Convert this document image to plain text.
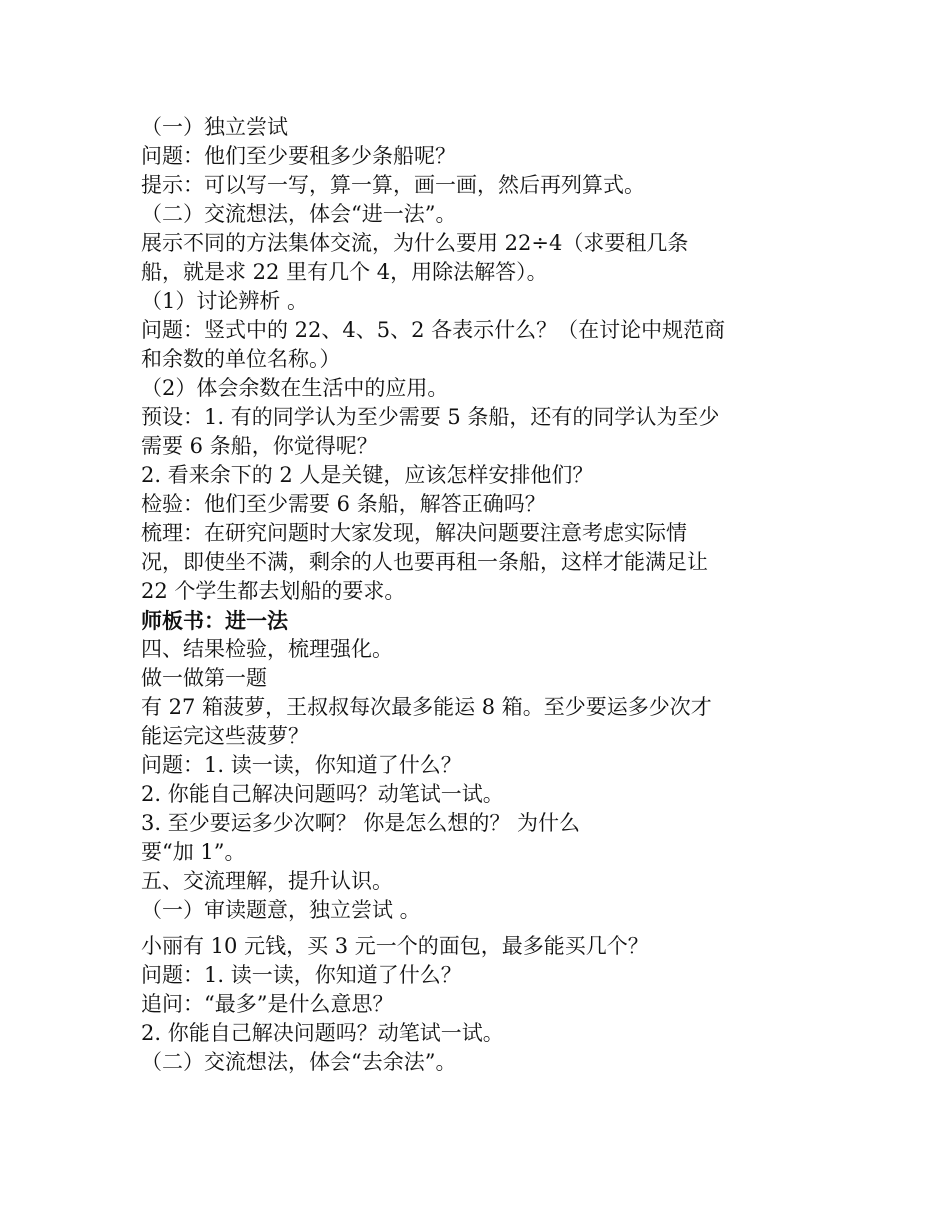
（一）独立尝试
问题：他们至少要租多少条船呢？
提示：可以写一写，算一算，画一画，然后再列算式。
（二）交流想法，体会“进一法”。
展示不同的方法集体交流，为什么要用 22÷4（求要租几条
船，就是求 22 里有几个 4，用除法解答）。
（1）讨论辨析 。
问题：竖式中的 22、4、5、2 各表示什么？（在讨论中规范商
和余数的单位名称。）
（2）体会余数在生活中的应用。
预设：1. 有的同学认为至少需要 5 条船，还有的同学认为至少
需要 6 条船，你觉得呢？
2. 看来余下的 2 人是关键，应该怎样安排他们？
检验：他们至少需要 6 条船，解答正确吗？
梳理：在研究问题时大家发现，解决问题要注意考虑实际情
况，即使坐不满，剩余的人也要再租一条船，这样才能满足让
22 个学生都去划船的要求。
师板书：进一法
四、结果检验，梳理强化。
做一做第一题
有 27 箱菠萝，王叔叔每次最多能运 8 箱。至少要运多少次才
能运完这些菠萝？
问题：1. 读一读，你知道了什么？
2. 你能自己解决问题吗？动笔试一试。
3. 至少要运多少次啊？ 你是怎么想的？ 为什么
要“加 1”。
五、交流理解，提升认识。
（一）审读题意，独立尝试 。
小丽有 10 元钱，买 3 元一个的面包，最多能买几个？
问题：1. 读一读，你知道了什么？
追问：“最多”是什么意思？
2. 你能自己解决问题吗？动笔试一试。
（二）交流想法，体会“去余法”。
